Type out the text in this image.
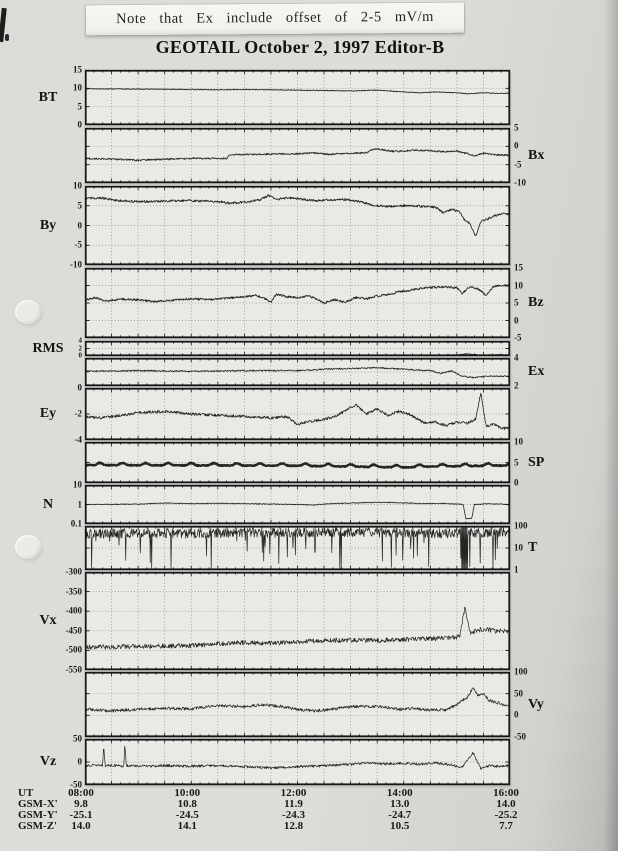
Note that Ex include offset of 2-5 mV/m
GEOTAIL October 2, 1997 Editor-B
BT
0
5
10
15
Bx
-10
-5
0
5
By
-10
-5
0
5
10
Bz
-5
0
5
10
15
RMS	0
2
4
Ex
2
4
Ey
-4
-2
0
SP
0
5
10
N
0.1
1
10
T
1
10
100
Vx
-550
-500
-450
-400
-350
-300
Vy
-50
0
50
100
Vz
-50
0
50
UT	08:00	10:00	12:00	14:00	16:00
GSM-X'	9.8	10.8	11.9	13.0	14.0
GSM-Y'	-25.1	-24.5	-24.3	-24.7	-25.2
GSM-Z'	14.0	14.1	12.8	10.5	7.7
